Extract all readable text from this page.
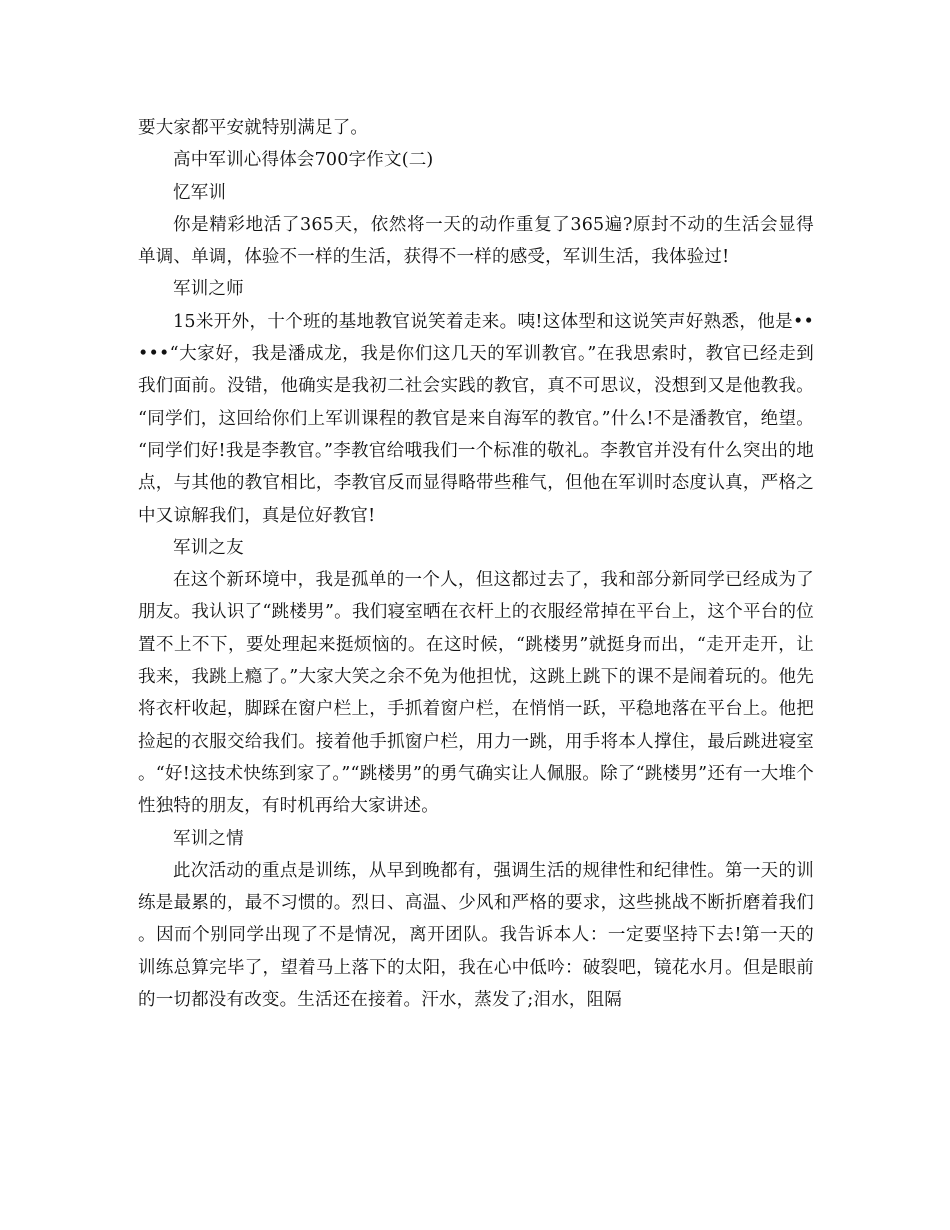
要大家都平安就特别满足了。

高中军训心得体会700字作文(二)

忆军训

你是精彩地活了365天，依然将一天的动作重复了365遍?原封不动的生活会显得单调、单调，体验不一样的生活，获得不一样的感受，军训生活，我体验过!

军训之师

15米开外，十个班的基地教官说笑着走来。咦!这体型和这说笑声好熟悉，他是•••••“大家好，我是潘成龙，我是你们这几天的军训教官。”在我思索时，教官已经走到我们面前。没错，他确实是我初二社会实践的教官，真不可思议，没想到又是他教我。“同学们，这回给你们上军训课程的教官是来自海军的教官。”什么!不是潘教官，绝望。“同学们好!我是李教官。”李教官给哦我们一个标准的敬礼。李教官并没有什么突出的地点，与其他的教官相比，李教官反而显得略带些稚气，但他在军训时态度认真，严格之中又谅解我们，真是位好教官!

军训之友

在这个新环境中，我是孤单的一个人，但这都过去了，我和部分新同学已经成为了朋友。我认识了“跳楼男”。我们寝室晒在衣杆上的衣服经常掉在平台上，这个平台的位置不上不下，要处理起来挺烦恼的。在这时候，“跳楼男”就挺身而出，“走开走开，让我来，我跳上瘾了。”大家大笑之余不免为他担忧，这跳上跳下的课不是闹着玩的。他先将衣杆收起，脚踩在窗户栏上，手抓着窗户栏，在悄悄一跃，平稳地落在平台上。他把捡起的衣服交给我们。接着他手抓窗户栏，用力一跳，用手将本人撑住，最后跳进寝室。“好!这技术快练到家了。”“跳楼男”的勇气确实让人佩服。除了“跳楼男”还有一大堆个性独特的朋友，有时机再给大家讲述。

军训之情

此次活动的重点是训练，从早到晚都有，强调生活的规律性和纪律性。第一天的训练是最累的，最不习惯的。烈日、高温、少风和严格的要求，这些挑战不断折磨着我们。因而个别同学出现了不是情况，离开团队。我告诉本人：一定要坚持下去!第一天的训练总算完毕了，望着马上落下的太阳，我在心中低吟：破裂吧，镜花水月。但是眼前的一切都没有改变。生活还在接着。汗水，蒸发了;泪水，阻隔
